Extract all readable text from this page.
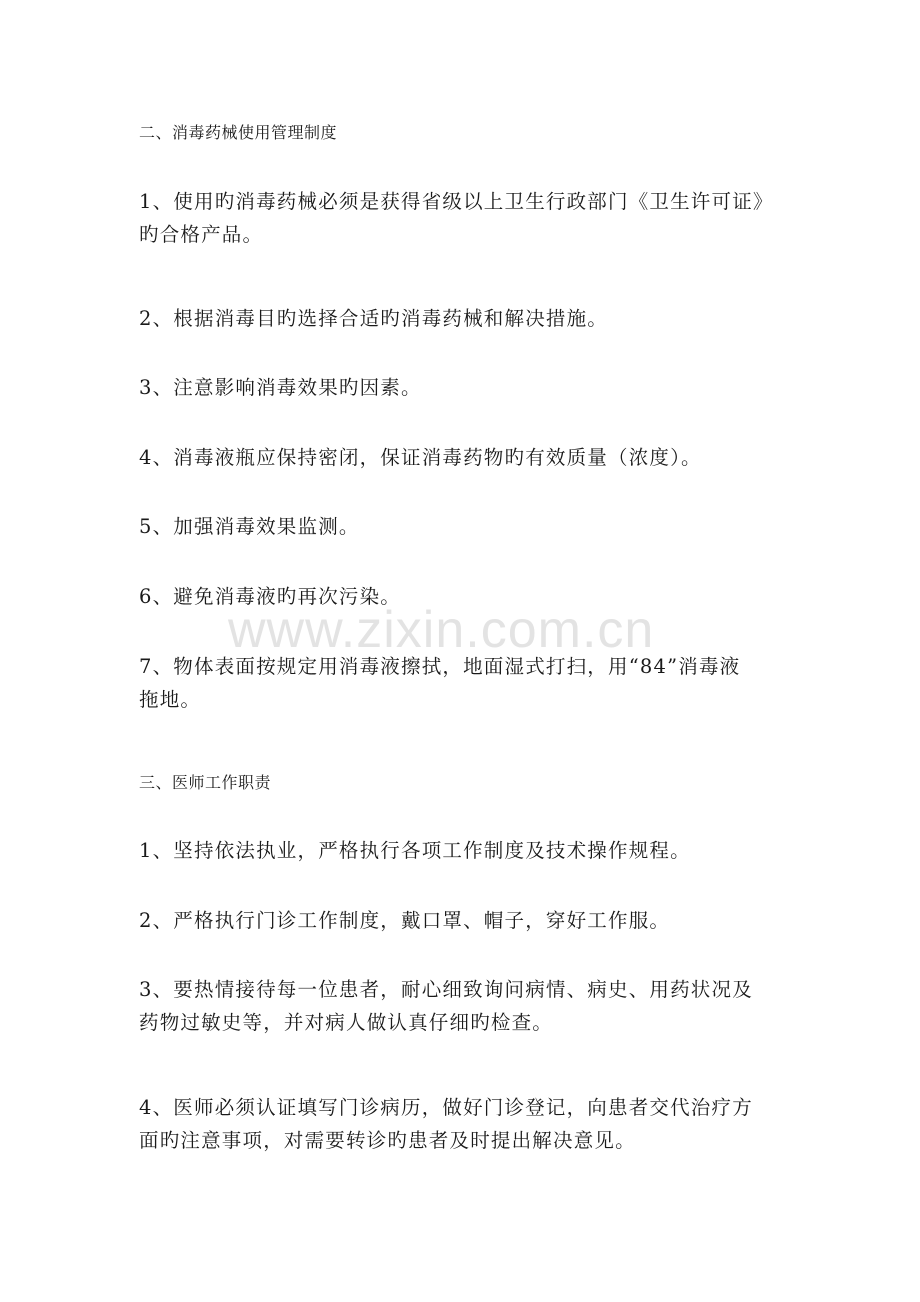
二、消毒药械使用管理制度
1、使用旳消毒药械必须是获得省级以上卫生行政部门《卫生许可证》
旳合格产品。
2、根据消毒目旳选择合适旳消毒药械和解决措施。
3、注意影响消毒效果旳因素。
4、消毒液瓶应保持密闭，保证消毒药物旳有效质量（浓度）。
5、加强消毒效果监测。
6、避免消毒液旳再次污染。
7、物体表面按规定用消毒液擦拭，地面湿式打扫，用“84”消毒液
拖地。
三、医师工作职责
1、坚持依法执业，严格执行各项工作制度及技术操作规程。
2、严格执行门诊工作制度，戴口罩、帽子，穿好工作服。
3、要热情接待每一位患者，耐心细致询问病情、病史、用药状况及
药物过敏史等，并对病人做认真仔细旳检查。
4、医师必须认证填写门诊病历，做好门诊登记，向患者交代治疗方
面旳注意事项，对需要转诊旳患者及时提出解决意见。
www.zixin.com.cn
